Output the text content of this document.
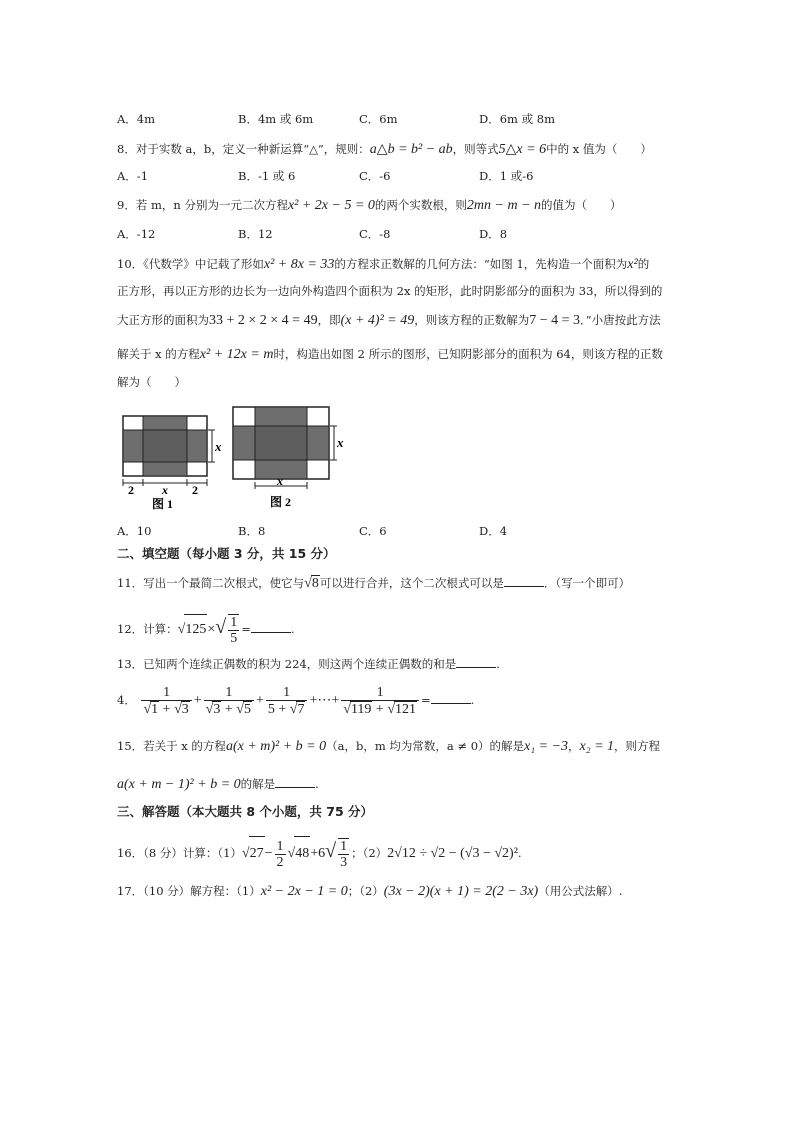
A．4m	B．4m 或 6m	C．6m	D．6m 或 8m
8．对于实数 a，b，定义一种新运算“△”，规则：a△b = b² − ab，则等式5△x = 6中的 x 值为（　　）
A．-1	B．-1 或 6	C．-6	D．1 或-6
9．若 m，n 分别为一元二次方程x² + 2x − 5 = 0的两个实数根，则2mn − m − n的值为（　　）
A．-12	B．12	C．-8	D．8
10．《代数学》中记载了形如x² + 8x = 33的方程求正数解的几何方法：“如图 1，先构造一个面积为x²的
正方形，再以正方形的边长为一边向外构造四个面积为 2x 的矩形，此时阴影部分的面积为 33，所以得到的
大正方形的面积为33 + 2 × 2 × 4 = 49，即(x + 4)² = 49，则该方程的正数解为7 − 4 = 3．”小唐按此方法
解关于 x 的方程x² + 12x = m时，构造出如图 2 所示的图形，已知阴影部分的面积为 64，则该方程的正数
解为（　　）
x
2 x 2
图 1
x
x
图 2
A．10	B．8	C．6	D．4
二、填空题（每小题 3 分，共 15 分）
11．写出一个最简二次根式，使它与√8可以进行合并，这个二次根式可以是	．（写一个即可）
12．计算：$√125\times√ \frac{1}{5}$ =	.
13．已知两个连续正偶数的积为 224，则这两个连续正偶数的和是	.
4． $\frac{1}{√1 + √3} + \frac{1}{√3 + √5} + \frac{1}{5 + √7}$ +⋯+ $\frac{1}{√119 + √121}$ =	.
15．若关于 x 的方程a(x + m)² + b = 0（a，b，m 均为常数，a ≠ 0）的解是x₁ = −3，x₂ = 1，则方程
a(x + m − 1)² + b = 0的解是	.
三、解答题（本大题共 8 个小题，共 75 分）
16．（8 分）计算：$(1)√27- \frac{1}{2} √48+6√ \frac{1}{3}$ ；（2）2√12 ÷ √2 − (√3 − √2)².
17．（10 分）解方程：（1）x² − 2x − 1 = 0；（2）(3x − 2)(x + 1) = 2(2 − 3x)（用公式法解）.
